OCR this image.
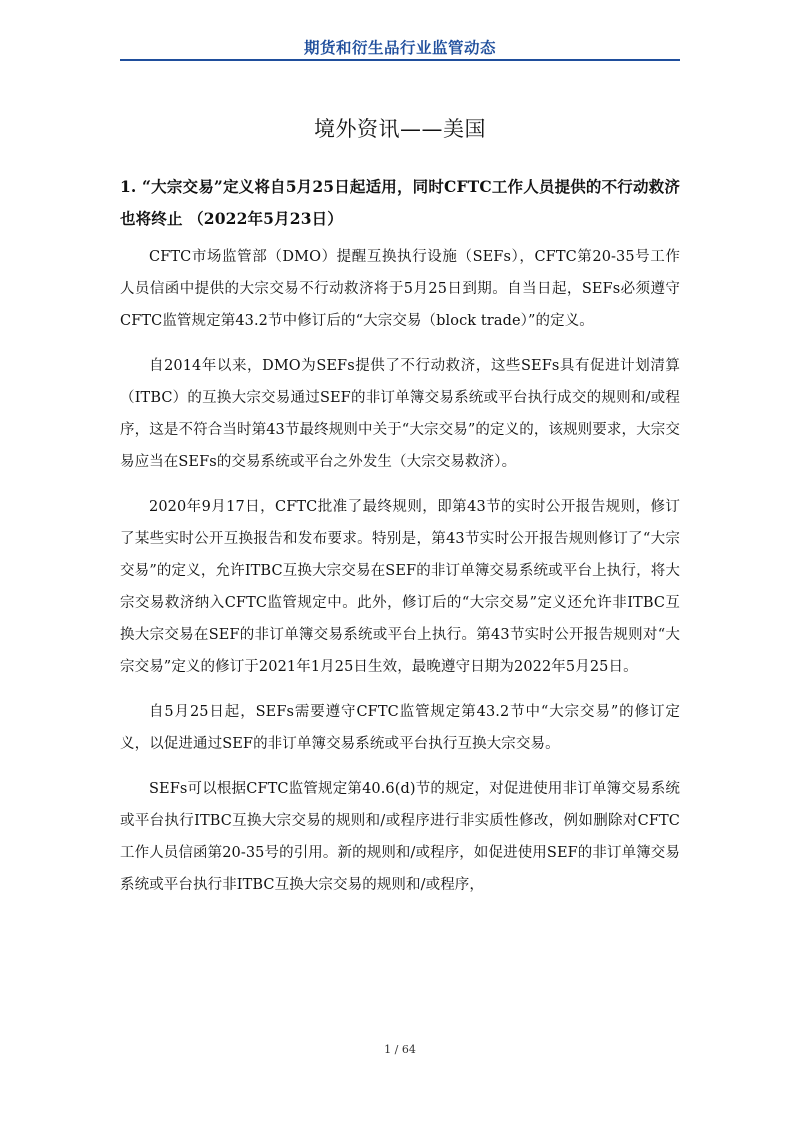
期货和衍生品行业监管动态
境外资讯——美国
1. “大宗交易”定义将自5月25日起适用，同时CFTC工作人员提供的不行动救济也将终止 （2022年5月23日）

CFTC市场监管部（DMO）提醒互换执行设施（SEFs），CFTC第20-35号工作人员信函中提供的大宗交易不行动救济将于5月25日到期。自当日起，SEFs必须遵守CFTC监管规定第43.2节中修订后的“大宗交易（block trade）”的定义。

自2014年以来，DMO为SEFs提供了不行动救济，这些SEFs具有促进计划清算（ITBC）的互换大宗交易通过SEF的非订单簿交易系统或平台执行成交的规则和/或程序，这是不符合当时第43节最终规则中关于“大宗交易”的定义的，该规则要求，大宗交易应当在SEFs的交易系统或平台之外发生（大宗交易救济）。

2020年9月17日，CFTC批准了最终规则，即第43节的实时公开报告规则，修订了某些实时公开互换报告和发布要求。特别是，第43节实时公开报告规则修订了“大宗交易”的定义，允许ITBC互换大宗交易在SEF的非订单簿交易系统或平台上执行，将大宗交易救济纳入CFTC监管规定中。此外，修订后的“大宗交易”定义还允许非ITBC互换大宗交易在SEF的非订单簿交易系统或平台上执行。第43节实时公开报告规则对“大宗交易”定义的修订于2021年1月25日生效，最晚遵守日期为2022年5月25日。

自5月25日起，SEFs需要遵守CFTC监管规定第43.2节中“大宗交易”的修订定义，以促进通过SEF的非订单簿交易系统或平台执行互换大宗交易。

SEFs可以根据CFTC监管规定第40.6(d)节的规定，对促进使用非订单簿交易系统或平台执行ITBC互换大宗交易的规则和/或程序进行非实质性修改，例如删除对CFTC工作人员信函第20-35号的引用。新的规则和/或程序，如促进使用SEF的非订单簿交易系统或平台执行非ITBC互换大宗交易的规则和/或程序，

1 / 64
